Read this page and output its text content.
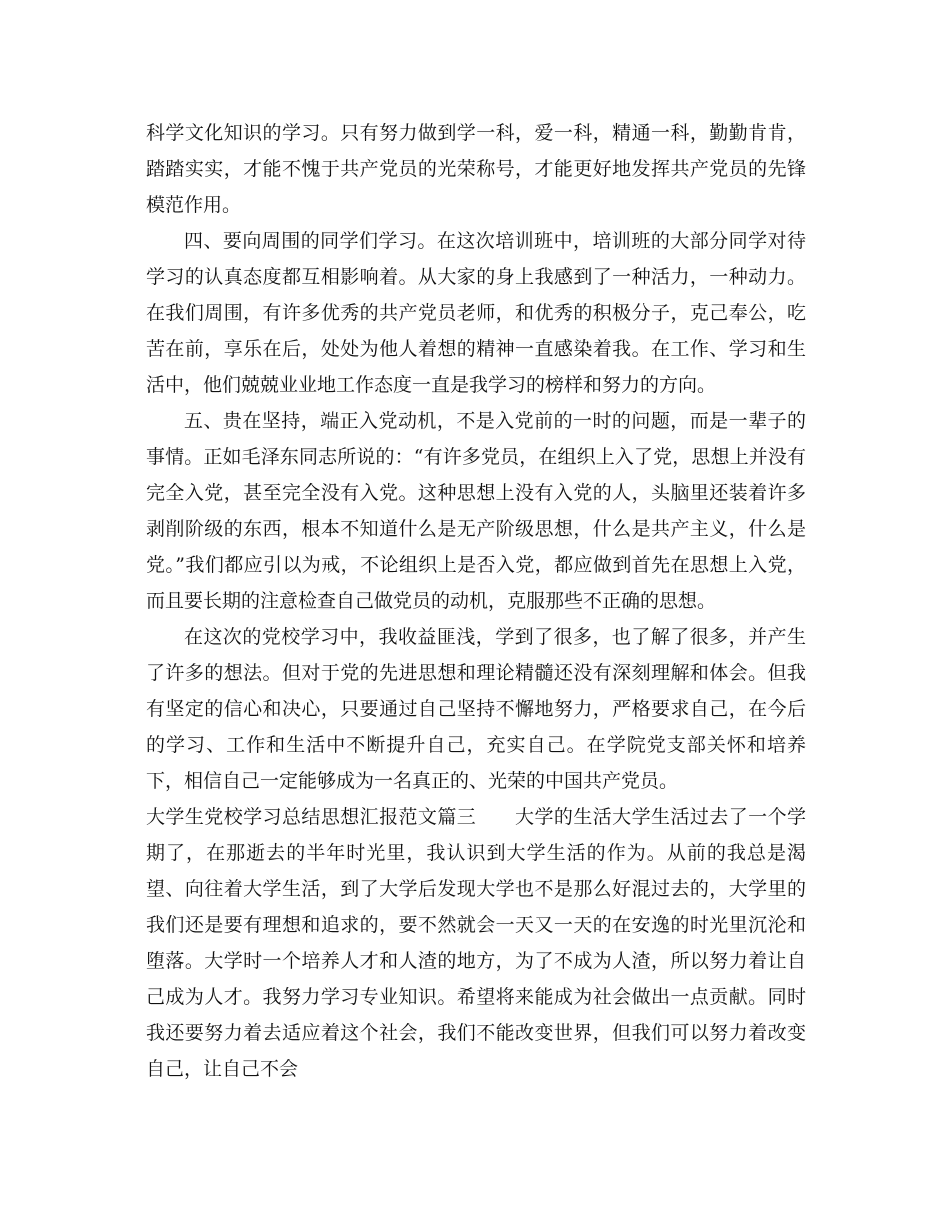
科学文化知识的学习。只有努力做到学一科，爱一科，精通一科，勤勤肯肯，踏踏实实，才能不愧于共产党员的光荣称号，才能更好地发挥共产党员的先锋模范作用。

四、要向周围的同学们学习。在这次培训班中，培训班的大部分同学对待学习的认真态度都互相影响着。从大家的身上我感到了一种活力，一种动力。在我们周围，有许多优秀的共产党员老师，和优秀的积极分子，克己奉公，吃苦在前，享乐在后，处处为他人着想的精神一直感染着我。在工作、学习和生活中，他们兢兢业业地工作态度一直是我学习的榜样和努力的方向。

五、贵在坚持，端正入党动机，不是入党前的一时的问题，而是一辈子的事情。正如毛泽东同志所说的：“有许多党员，在组织上入了党，思想上并没有完全入党，甚至完全没有入党。这种思想上没有入党的人，头脑里还装着许多剥削阶级的东西，根本不知道什么是无产阶级思想，什么是共产主义，什么是党。”我们都应引以为戒，不论组织上是否入党，都应做到首先在思想上入党，而且要长期的注意检查自己做党员的动机，克服那些不正确的思想。

在这次的党校学习中，我收益匪浅，学到了很多，也了解了很多，并产生了许多的想法。但对于党的先进思想和理论精髓还没有深刻理解和体会。但我有坚定的信心和决心，只要通过自己坚持不懈地努力，严格要求自己，在今后的学习、工作和生活中不断提升自己，充实自己。在学院党支部关怀和培养下，相信自己一定能够成为一名真正的、光荣的中国共产党员。

大学生党校学习总结思想汇报范文篇三　　大学的生活大学生活过去了一个学期了，在那逝去的半年时光里，我认识到大学生活的作为。从前的我总是渴望、向往着大学生活，到了大学后发现大学也不是那么好混过去的，大学里的我们还是要有理想和追求的，要不然就会一天又一天的在安逸的时光里沉沦和堕落。大学时一个培养人才和人渣的地方，为了不成为人渣，所以努力着让自己成为人才。我努力学习专业知识。希望将来能成为社会做出一点贡献。同时我还要努力着去适应着这个社会，我们不能改变世界，但我们可以努力着改变自己，让自己不会
